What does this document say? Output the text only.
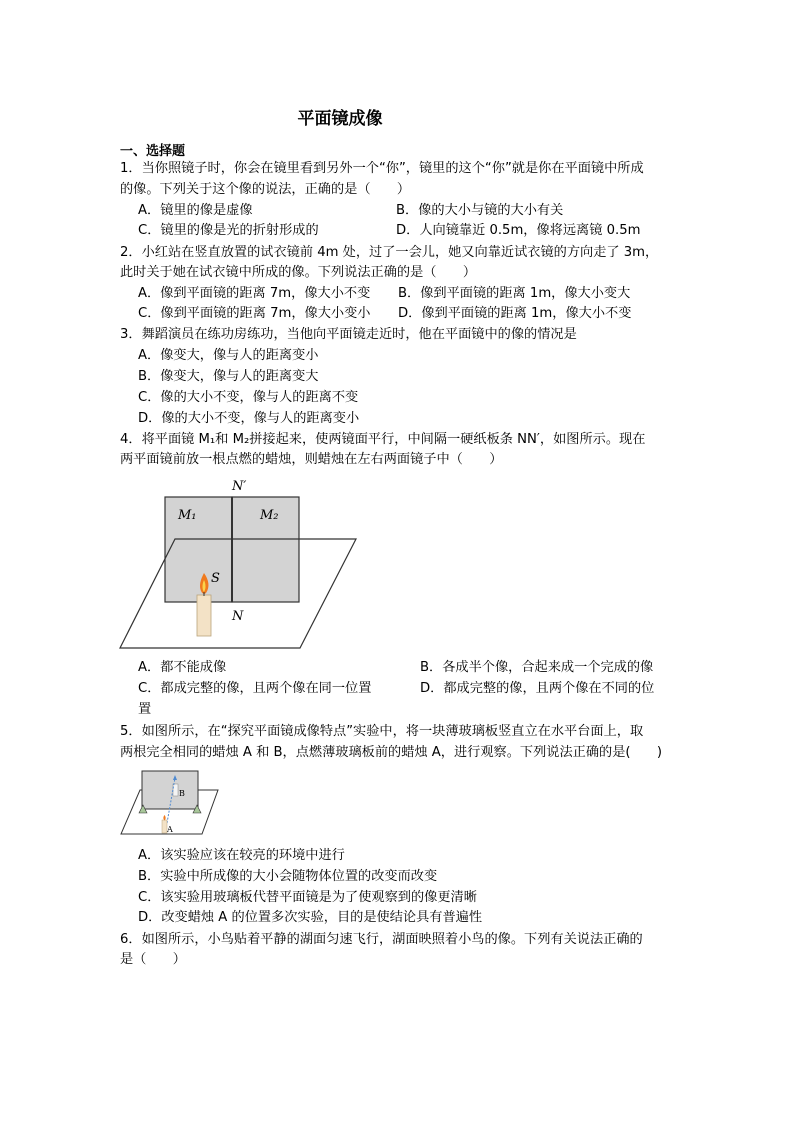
平面镜成像
一、选择题
1．当你照镜子时，你会在镜里看到另外一个“你”，镜里的这个“你”就是你在平面镜中所成
的像。下列关于这个像的说法，正确的是（　　）
A．镜里的像是虚像	B．像的大小与镜的大小有关
C．镜里的像是光的折射形成的	D．人向镜靠近 0.5m，像将远离镜 0.5m
2．小红站在竖直放置的试衣镜前 4m 处，过了一会儿，她又向靠近试衣镜的方向走了 3m，
此时关于她在试衣镜中所成的像。下列说法正确的是（　　）
A．像到平面镜的距离 7m，像大小不变 B．像到平面镜的距离 1m，像大小变大
C．像到平面镜的距离 7m，像大小变小 D．像到平面镜的距离 1m，像大小不变
3．舞蹈演员在练功房练功，当他向平面镜走近时，他在平面镜中的像的情况是
A．像变大，像与人的距离变小
B．像变大，像与人的距离变大
C．像的大小不变，像与人的距离不变
D．像的大小不变，像与人的距离变小
4．将平面镜 M₁和 M₂拼接起来，使两镜面平行，中间隔一硬纸板条 NN′，如图所示。现在
两平面镜前放一根点燃的蜡烛，则蜡烛在左右两面镜子中（　　）
N′
M₁	M₂
S
N
A．都不能成像	B．各成半个像，合起来成一个完成的像
C．都成完整的像，且两个像在同一位置	D．都成完整的像，且两个像在不同的位
置
5．如图所示，在“探究平面镜成像特点”实验中，将一块薄玻璃板竖直立在水平台面上，取
两根完全相同的蜡烛 A 和 B，点燃薄玻璃板前的蜡烛 A，进行观察。下列说法正确的是(　　)
A
B
A．该实验应该在较亮的环境中进行
B．实验中所成像的大小会随物体位置的改变而改变
C．该实验用玻璃板代替平面镜是为了使观察到的像更清晰
D．改变蜡烛 A 的位置多次实验，目的是使结论具有普遍性
6．如图所示，小鸟贴着平静的湖面匀速飞行，湖面映照着小鸟的像。下列有关说法正确的
是（　　）
